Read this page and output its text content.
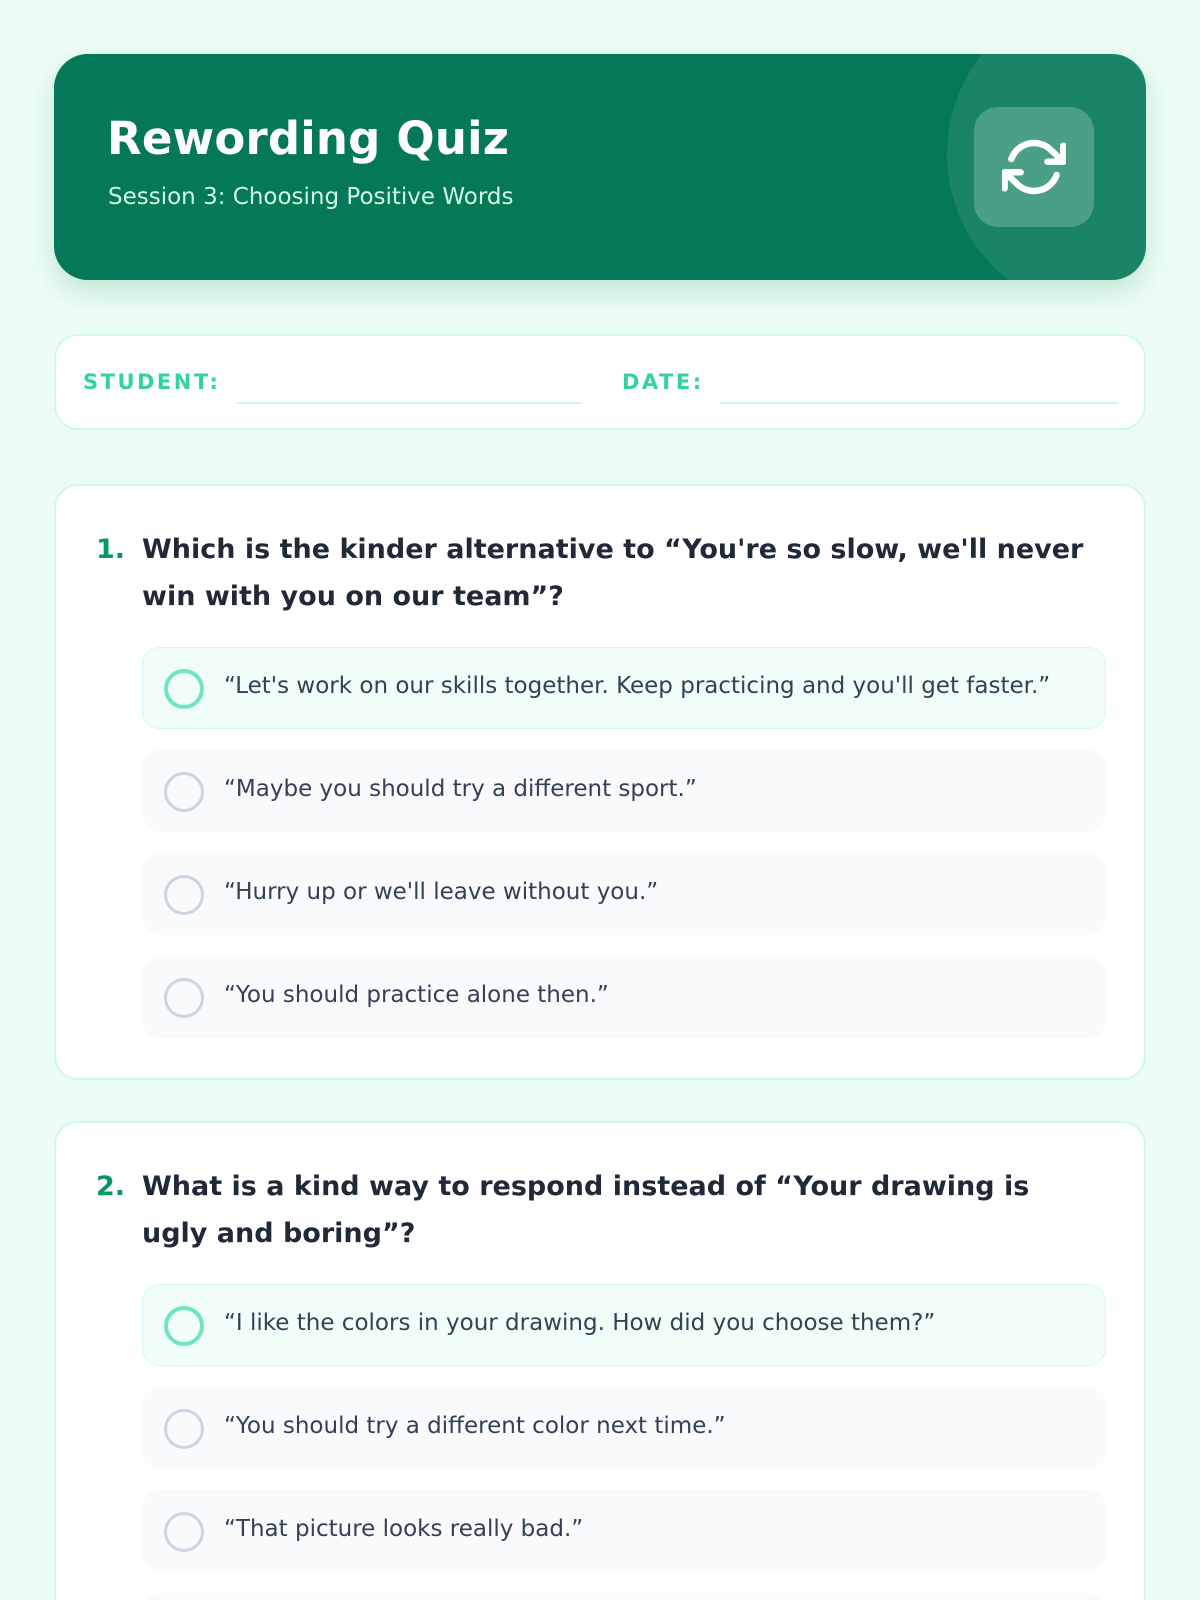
Rewording Quiz
Session 3: Choosing Positive Words
STUDENT:	DATE:
1. Which is the kinder alternative to “You're so slow, we'll never win with you on our team”?
“Let's work on our skills together. Keep practicing and you'll get faster.”
“Maybe you should try a different sport.”
“Hurry up or we'll leave without you.”
“You should practice alone then.”
2. What is a kind way to respond instead of “Your drawing is ugly and boring”?
“I like the colors in your drawing. How did you choose them?”
“You should try a different color next time.”
“That picture looks really bad.”
